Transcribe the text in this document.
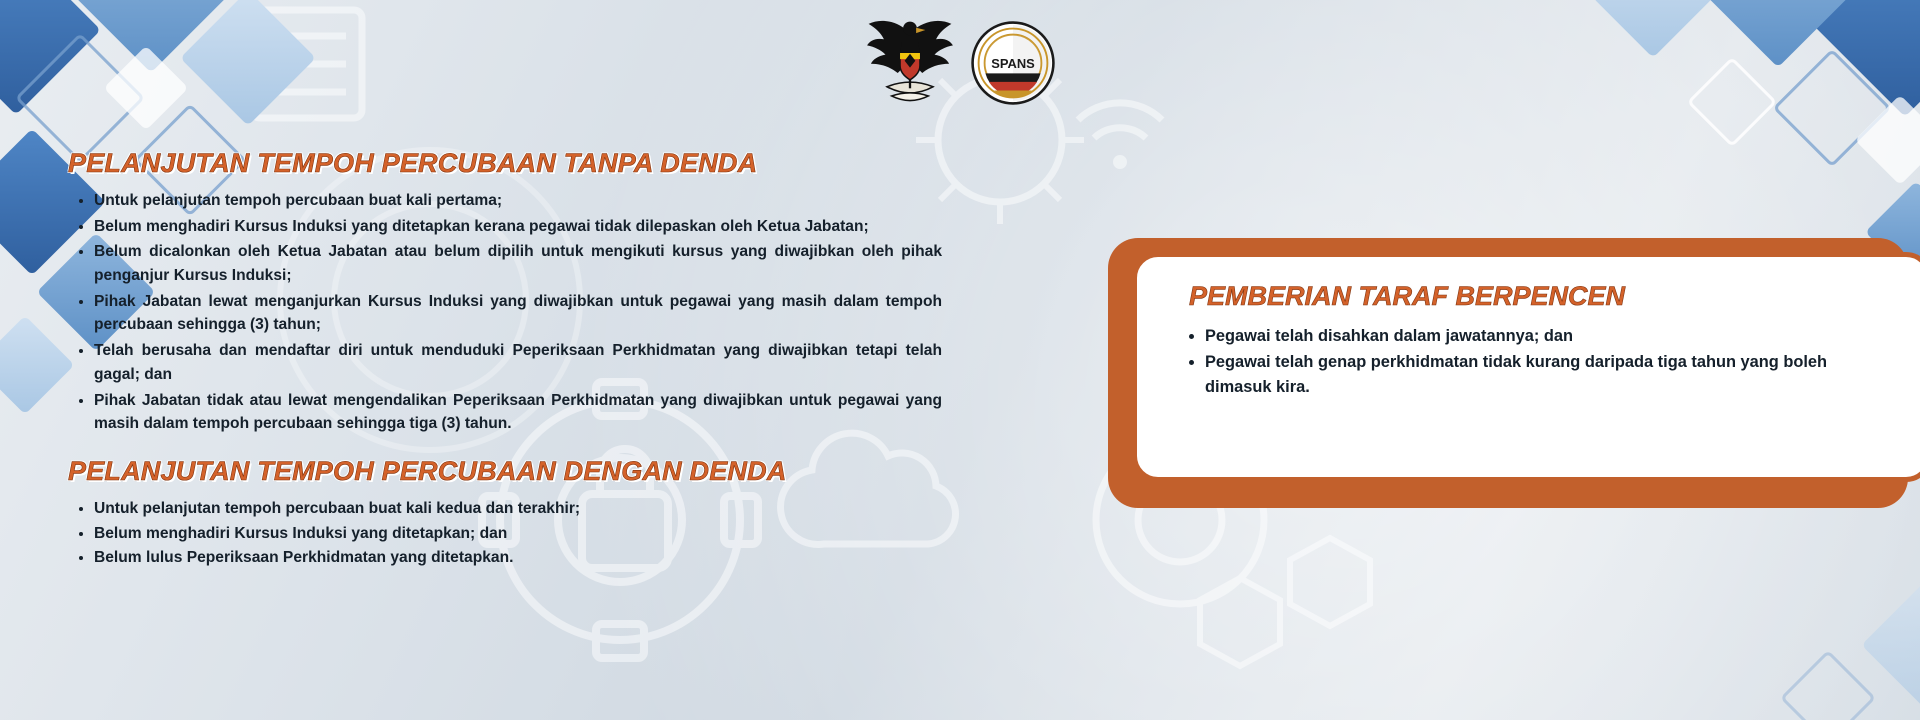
SPANS
PELANJUTAN TEMPOH PERCUBAAN TANPA DENDA
• Untuk pelanjutan tempoh percubaan buat kali pertama;
• Belum menghadiri Kursus Induksi yang ditetapkan kerana pegawai tidak dilepaskan oleh Ketua Jabatan;
• Belum dicalonkan oleh Ketua Jabatan atau belum dipilih untuk mengikuti kursus yang diwajibkan oleh pihak penganjur Kursus Induksi;
• Pihak Jabatan lewat menganjurkan Kursus Induksi yang diwajibkan untuk pegawai yang masih dalam tempoh percubaan sehingga (3) tahun;
• Telah berusaha dan mendaftar diri untuk menduduki Peperiksaan Perkhidmatan yang diwajibkan tetapi telah gagal; dan
• Pihak Jabatan tidak atau lewat mengendalikan Peperiksaan Perkhidmatan yang diwajibkan untuk pegawai yang masih dalam tempoh percubaan sehingga tiga (3) tahun.
PELANJUTAN TEMPOH PERCUBAAN DENGAN DENDA
• Untuk pelanjutan tempoh percubaan buat kali kedua dan terakhir;
• Belum menghadiri Kursus Induksi yang ditetapkan; dan
• Belum lulus Peperiksaan Perkhidmatan yang ditetapkan.
PEMBERIAN TARAF BERPENCEN
• Pegawai telah disahkan dalam jawatannya; dan
• Pegawai telah genap perkhidmatan tidak kurang daripada tiga tahun yang boleh dimasuk kira.
